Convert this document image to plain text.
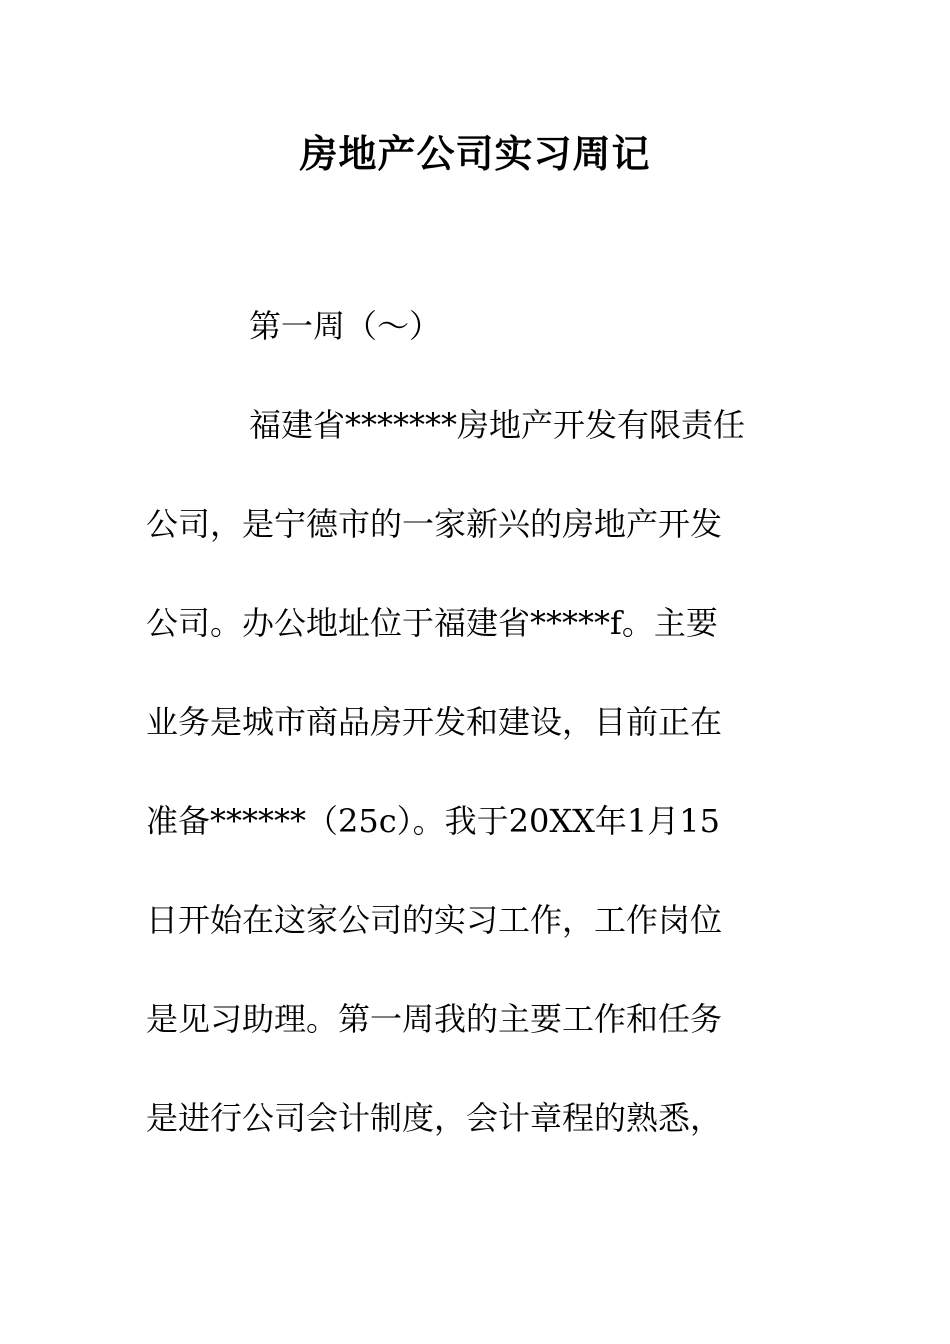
房地产公司实习周记

第一周（～）

福建省*******房地产开发有限责任

公司，是宁德市的一家新兴的房地产开发

公司。办公地址位于福建省*****f。主要

业务是城市商品房开发和建设，目前正在

准备******（25c）。我于20XX年1月15

日开始在这家公司的实习工作，工作岗位

是见习助理。第一周我的主要工作和任务

是进行公司会计制度，会计章程的熟悉，
